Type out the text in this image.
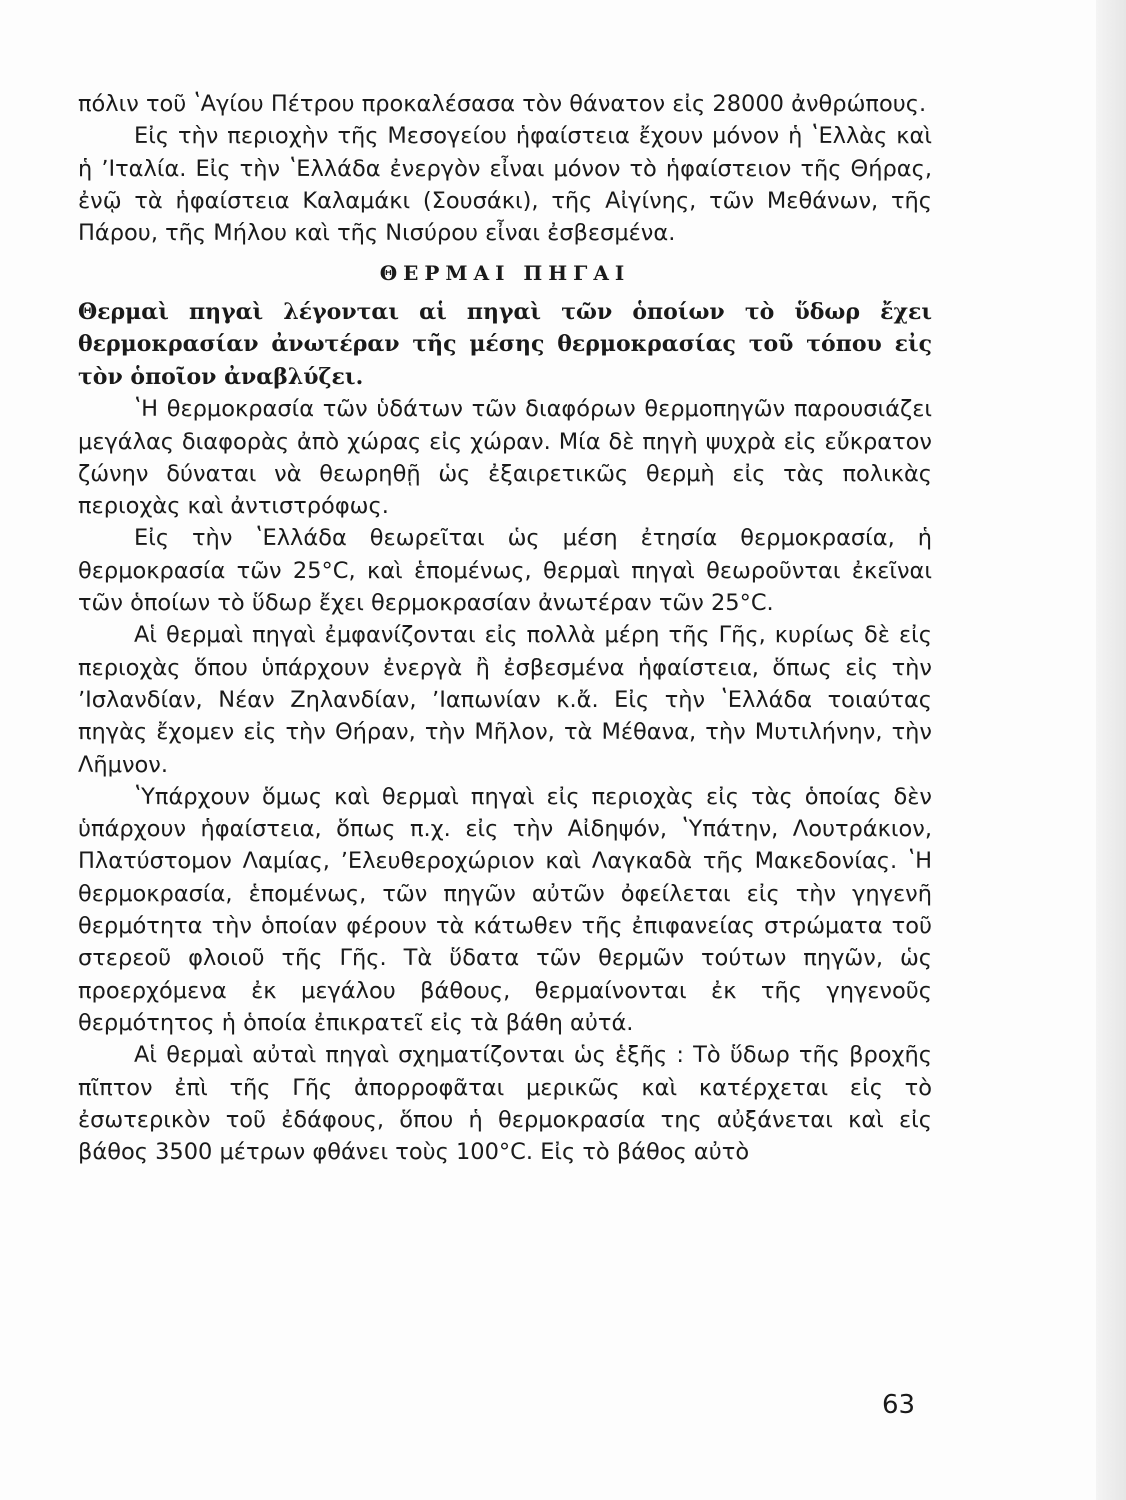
πόλιν τοῦ ʽΑγίου Πέτρου προκαλέσασα τὸν θάνατον εἰς 28000 ἀνθρώπους.

Εἰς τὴν περιοχὴν τῆς Μεσογείου ἡφαίστεια ἔχουν μόνον ἡ ʽΕλλὰς καὶ ἡ ʼΙταλία. Εἰς τὴν ʽΕλλάδα ἐνεργὸν εἶναι μόνον τὸ ἡφαίστειον τῆς Θήρας, ἐνῷ τὰ ἡφαίστεια Καλαμάκι (Σουσάκι), τῆς Αἰγίνης, τῶν Μεθάνων, τῆς Πάρου, τῆς Μήλου καὶ τῆς Νισύρου εἶναι ἐσβεσμένα.

ΘΕΡΜΑΙ ΠΗΓΑΙ

Θερμαὶ πηγαὶ λέγονται αἱ πηγαὶ τῶν ὁποίων τὸ ὕδωρ ἔχει θερμοκρασίαν ἀνωτέραν τῆς μέσης θερμοκρασίας τοῦ τόπου εἰς τὸν ὁποῖον ἀναβλύζει.

ʽΗ θερμοκρασία τῶν ὑδάτων τῶν διαφόρων θερμοπηγῶν παρουσιάζει μεγάλας διαφορὰς ἀπὸ χώρας εἰς χώραν. Μία δὲ πηγὴ ψυχρὰ εἰς εὔκρατον ζώνην δύναται νὰ θεωρηθῇ ὡς ἐξαιρετικῶς θερμὴ εἰς τὰς πολικὰς περιοχὰς καὶ ἀντιστρόφως.

Εἰς τὴν ʽΕλλάδα θεωρεῖται ὡς μέση ἐτησία θερμοκρασία, ἡ θερμοκρασία τῶν 25°C, καὶ ἑπομένως, θερμαὶ πηγαὶ θεωροῦνται ἐκεῖναι τῶν ὁποίων τὸ ὕδωρ ἔχει θερμοκρασίαν ἀνωτέραν τῶν 25°C.

Αἱ θερμαὶ πηγαὶ ἐμφανίζονται εἰς πολλὰ μέρη τῆς Γῆς, κυρίως δὲ εἰς περιοχὰς ὅπου ὑπάρχουν ἐνεργὰ ἢ ἐσβεσμένα ἡφαίστεια, ὅπως εἰς τὴν ʼΙσλανδίαν, Νέαν Ζηλανδίαν, ʼΙαπωνίαν κ.ἄ. Εἰς τὴν ʽΕλλάδα τοιαύτας πηγὰς ἔχομεν εἰς τὴν Θήραν, τὴν Μῆλον, τὰ Μέθανα, τὴν Μυτιλήνην, τὴν Λῆμνον.

ʽΥπάρχουν ὅμως καὶ θερμαὶ πηγαὶ εἰς περιοχὰς εἰς τὰς ὁποίας δὲν ὑπάρχουν ἡφαίστεια, ὅπως π.χ. εἰς τὴν Αἰδηψόν, ʽΥπάτην, Λουτράκιον, Πλατύστομον Λαμίας, ʼΕλευθεροχώριον καὶ Λαγκαδὰ τῆς Μακεδονίας. ʽΗ θερμοκρασία, ἑπομένως, τῶν πηγῶν αὐτῶν ὀφείλεται εἰς τὴν γηγενῆ θερμότητα τὴν ὁποίαν φέρουν τὰ κάτωθεν τῆς ἐπιφανείας στρώματα τοῦ στερεοῦ φλοιοῦ τῆς Γῆς. Τὰ ὕδατα τῶν θερμῶν τούτων πηγῶν, ὡς προερχόμενα ἐκ μεγάλου βάθους, θερμαίνονται ἐκ τῆς γηγενοῦς θερμότητος ἡ ὁποία ἐπικρατεῖ εἰς τὰ βάθη αὐτά.

Αἱ θερμαὶ αὐταὶ πηγαὶ σχηματίζονται ὡς ἑξῆς : Τὸ ὕδωρ τῆς βροχῆς πῖπτον ἐπὶ τῆς Γῆς ἀπορροφᾶται μερικῶς καὶ κατέρχεται εἰς τὸ ἐσωτερικὸν τοῦ ἐδάφους, ὅπου ἡ θερμοκρασία της αὐξάνεται καὶ εἰς βάθος 3500 μέτρων φθάνει τοὺς 100°C. Εἰς τὸ βάθος αὐτὸ

63
